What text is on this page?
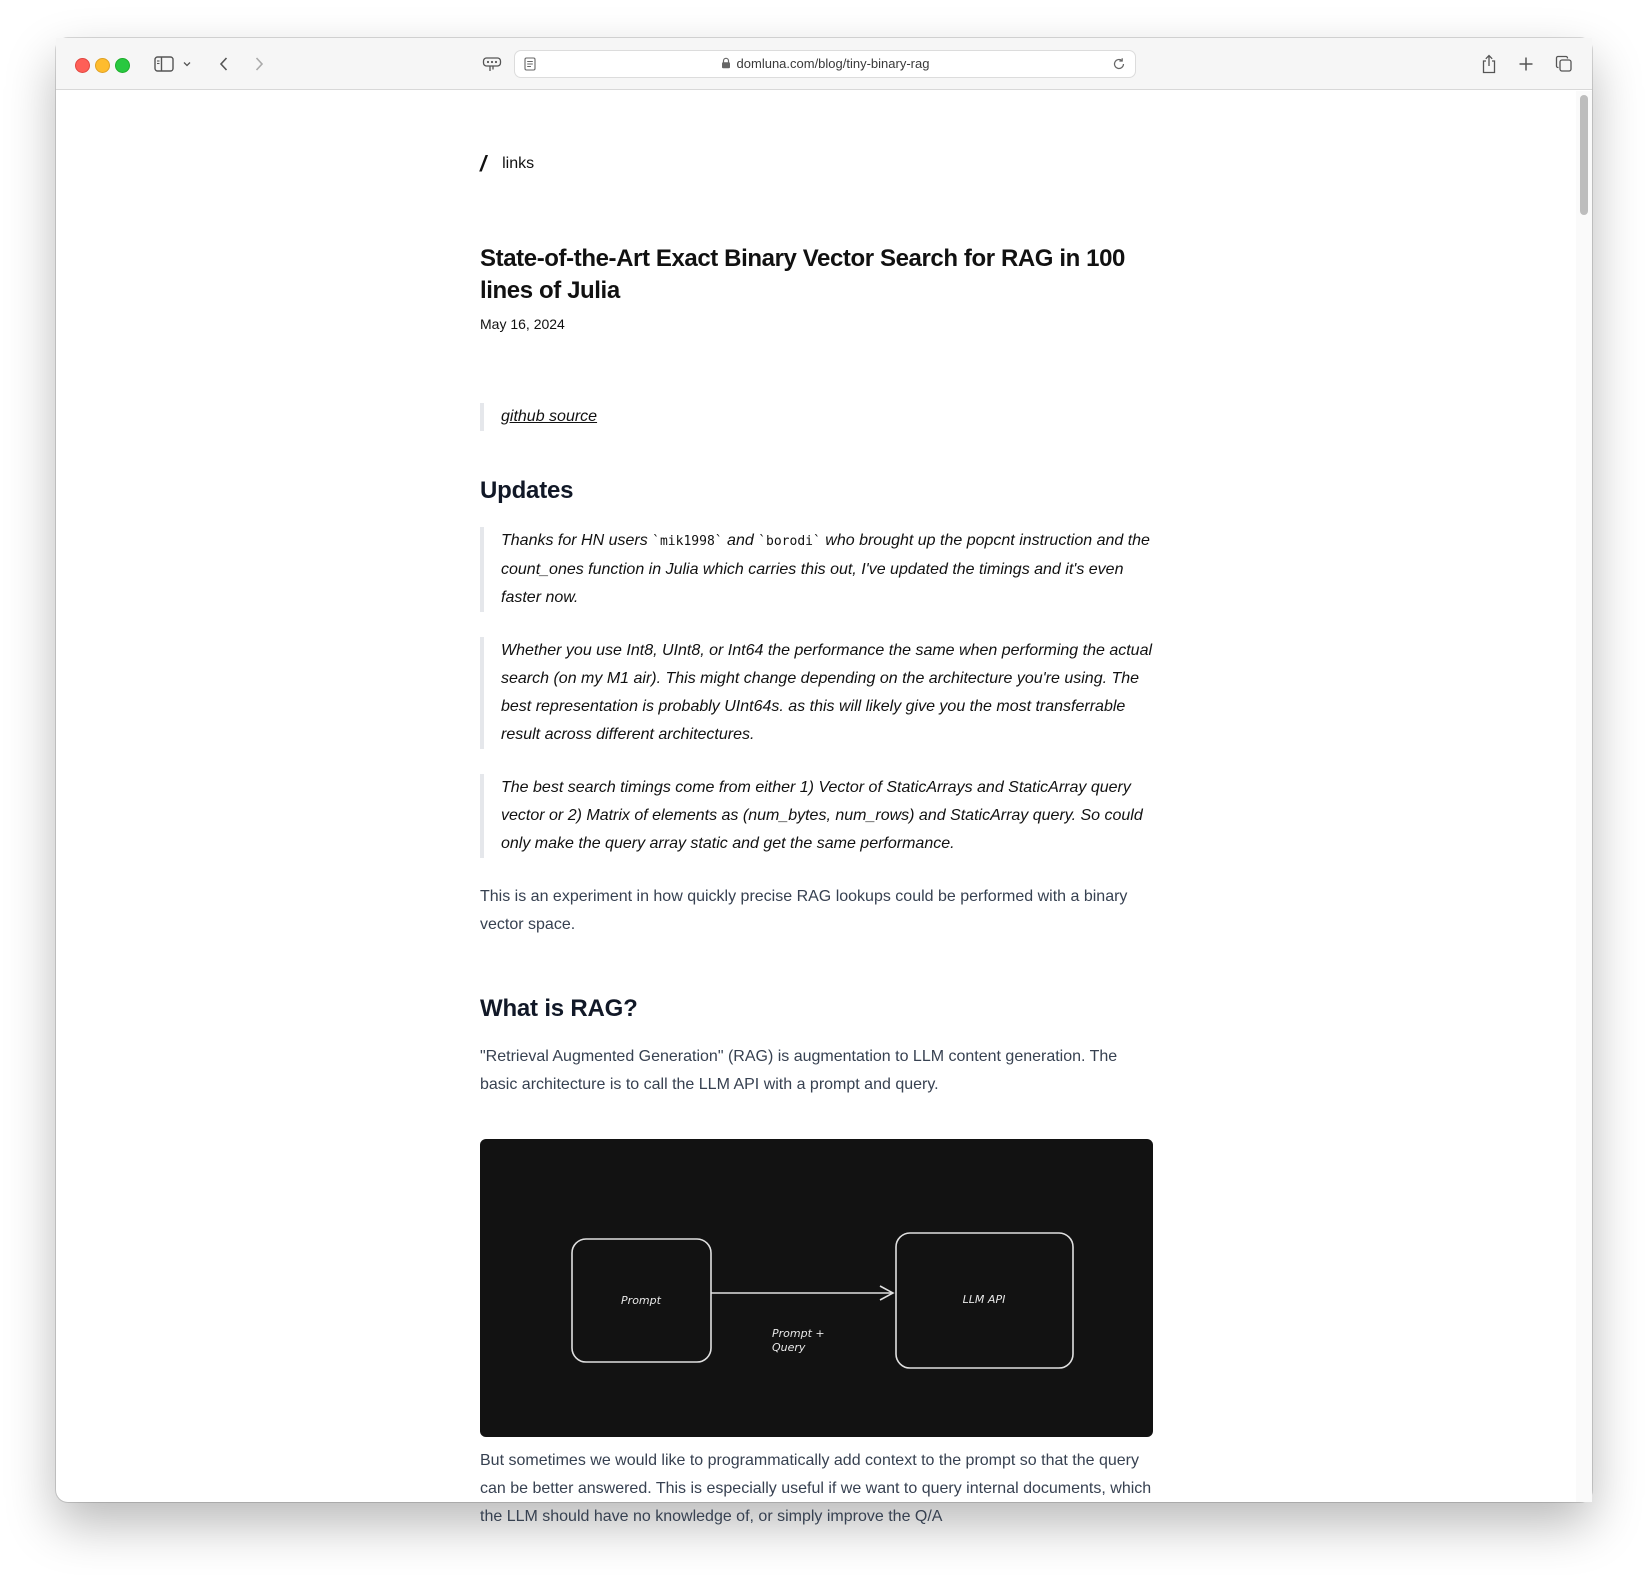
domluna.com/blog/tiny-binary-rag
/ links
State-of-the-Art Exact Binary Vector Search for RAG in 100 lines of Julia
May 16, 2024
github source
Updates
Thanks for HN users `mik1998` and `borodi` who brought up the popcnt instruction and the count_ones function in Julia which carries this out, I've updated the timings and it's even faster now.
Whether you use Int8, UInt8, or Int64 the performance the same when performing the actual search (on my M1 air). This might change depending on the architecture you're using. The best representation is probably UInt64s. as this will likely give you the most transferrable result across different architectures.
The best search timings come from either 1) Vector of StaticArrays and StaticArray query vector or 2) Matrix of elements as (num_bytes, num_rows) and StaticArray query. So could only make the query array static and get the same performance.

This is an experiment in how quickly precise RAG lookups could be performed with a binary vector space.

What is RAG?

"Retrieval Augmented Generation" (RAG) is augmentation to LLM content generation. The basic architecture is to call the LLM API with a prompt and query.

Prompt	LLM API
Prompt +
Query

But sometimes we would like to programmatically add context to the prompt so that the query can be better answered. This is especially useful if we want to query internal documents, which the LLM should have no knowledge of, or simply improve the Q/A
